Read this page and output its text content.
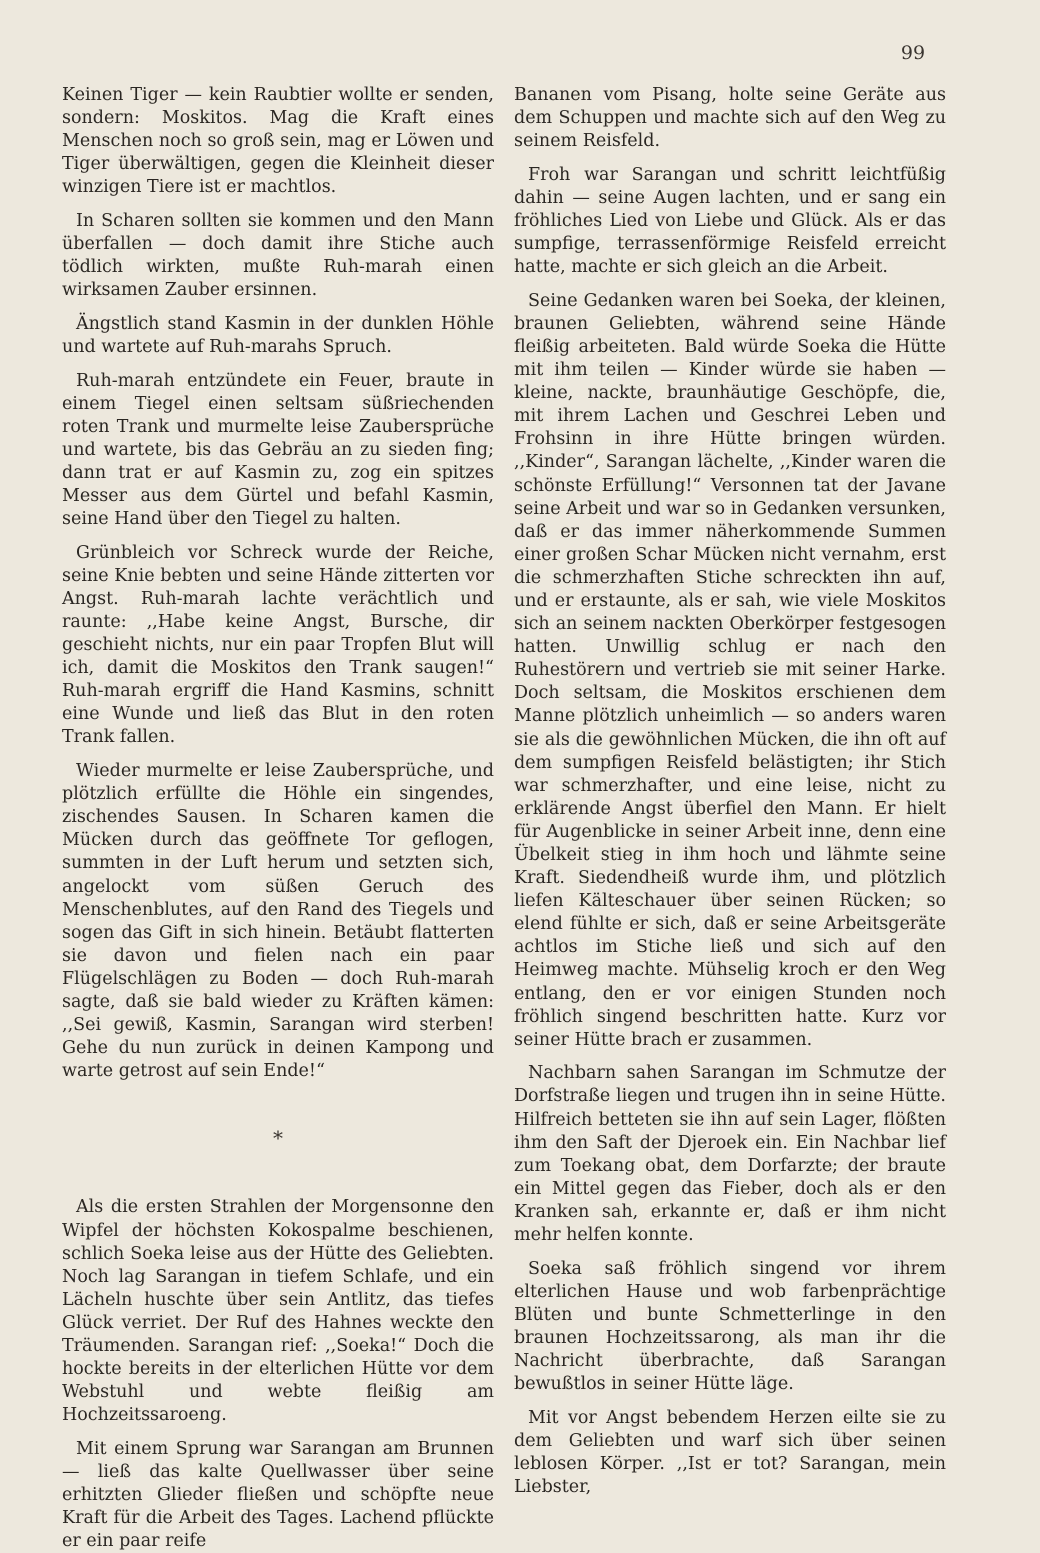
99

Keinen Tiger — kein Raubtier wollte er senden, sondern: Moskitos. Mag die Kraft eines Menschen noch so groß sein, mag er Löwen und Tiger überwältigen, gegen die Kleinheit dieser winzigen Tiere ist er machtlos.

In Scharen sollten sie kommen und den Mann überfallen — doch damit ihre Stiche auch tödlich wirkten, mußte Ruh-marah einen wirksamen Zauber ersinnen.

Ängstlich stand Kasmin in der dunklen Höhle und wartete auf Ruh-marahs Spruch.

Ruh-marah entzündete ein Feuer, braute in einem Tiegel einen seltsam süßriechenden roten Trank und murmelte leise Zaubersprüche und wartete, bis das Gebräu an zu sieden fing; dann trat er auf Kasmin zu, zog ein spitzes Messer aus dem Gürtel und befahl Kasmin, seine Hand über den Tiegel zu halten.

Grünbleich vor Schreck wurde der Reiche, seine Knie bebten und seine Hände zitterten vor Angst. Ruh-marah lachte verächtlich und raunte: ,,Habe keine Angst, Bursche, dir geschieht nichts, nur ein paar Tropfen Blut will ich, damit die Moskitos den Trank saugen!“ Ruh-marah ergriff die Hand Kasmins, schnitt eine Wunde und ließ das Blut in den roten Trank fallen.

Wieder murmelte er leise Zaubersprüche, und plötzlich erfüllte die Höhle ein singendes, zischendes Sausen. In Scharen kamen die Mücken durch das geöffnete Tor geflogen, summten in der Luft herum und setzten sich, angelockt vom süßen Geruch des Menschenblutes, auf den Rand des Tiegels und sogen das Gift in sich hinein. Betäubt flatterten sie davon und fielen nach ein paar Flügelschlägen zu Boden — doch Ruh-marah sagte, daß sie bald wieder zu Kräften kämen: ,,Sei gewiß, Kasmin, Sarangan wird sterben! Gehe du nun zurück in deinen Kampong und warte getrost auf sein Ende!“

*

Als die ersten Strahlen der Morgensonne den Wipfel der höchsten Kokospalme beschienen, schlich Soeka leise aus der Hütte des Geliebten. Noch lag Sarangan in tiefem Schlafe, und ein Lächeln huschte über sein Antlitz, das tiefes Glück verriet. Der Ruf des Hahnes weckte den Träumenden. Sarangan rief: ,,Soeka!“ Doch die hockte bereits in der elterlichen Hütte vor dem Webstuhl und webte fleißig am Hochzeitssaroeng.

Mit einem Sprung war Sarangan am Brunnen — ließ das kalte Quellwasser über seine erhitzten Glieder fließen und schöpfte neue Kraft für die Arbeit des Tages. Lachend pflückte er ein paar reife

Bananen vom Pisang, holte seine Geräte aus dem Schuppen und machte sich auf den Weg zu seinem Reisfeld.

Froh war Sarangan und schritt leichtfüßig dahin — seine Augen lachten, und er sang ein fröhliches Lied von Liebe und Glück. Als er das sumpfige, terrassenförmige Reisfeld erreicht hatte, machte er sich gleich an die Arbeit.

Seine Gedanken waren bei Soeka, der kleinen, braunen Geliebten, während seine Hände fleißig arbeiteten. Bald würde Soeka die Hütte mit ihm teilen — Kinder würde sie haben — kleine, nackte, braunhäutige Geschöpfe, die, mit ihrem Lachen und Geschrei Leben und Frohsinn in ihre Hütte bringen würden. ,,Kinder“, Sarangan lächelte, ,,Kinder waren die schönste Erfüllung!“ Versonnen tat der Javane seine Arbeit und war so in Gedanken versunken, daß er das immer näherkommende Summen einer großen Schar Mücken nicht vernahm, erst die schmerzhaften Stiche schreckten ihn auf, und er erstaunte, als er sah, wie viele Moskitos sich an seinem nackten Oberkörper festgesogen hatten. Unwillig schlug er nach den Ruhestörern und vertrieb sie mit seiner Harke. Doch seltsam, die Moskitos erschienen dem Manne plötzlich unheimlich — so anders waren sie als die gewöhnlichen Mücken, die ihn oft auf dem sumpfigen Reisfeld belästigten; ihr Stich war schmerzhafter, und eine leise, nicht zu erklärende Angst überfiel den Mann. Er hielt für Augenblicke in seiner Arbeit inne, denn eine Übelkeit stieg in ihm hoch und lähmte seine Kraft. Siedendheiß wurde ihm, und plötzlich liefen Kälteschauer über seinen Rücken; so elend fühlte er sich, daß er seine Arbeitsgeräte achtlos im Stiche ließ und sich auf den Heimweg machte. Mühselig kroch er den Weg entlang, den er vor einigen Stunden noch fröhlich singend beschritten hatte. Kurz vor seiner Hütte brach er zusammen.

Nachbarn sahen Sarangan im Schmutze der Dorfstraße liegen und trugen ihn in seine Hütte. Hilfreich betteten sie ihn auf sein Lager, flößten ihm den Saft der Djeroek ein. Ein Nachbar lief zum Toekang obat, dem Dorfarzte; der braute ein Mittel gegen das Fieber, doch als er den Kranken sah, erkannte er, daß er ihm nicht mehr helfen konnte.

Soeka saß fröhlich singend vor ihrem elterlichen Hause und wob farbenprächtige Blüten und bunte Schmetterlinge in den braunen Hochzeitssarong, als man ihr die Nachricht überbrachte, daß Sarangan bewußtlos in seiner Hütte läge.

Mit vor Angst bebendem Herzen eilte sie zu dem Geliebten und warf sich über seinen leblosen Körper. ,,Ist er tot? Sarangan, mein Liebster,
